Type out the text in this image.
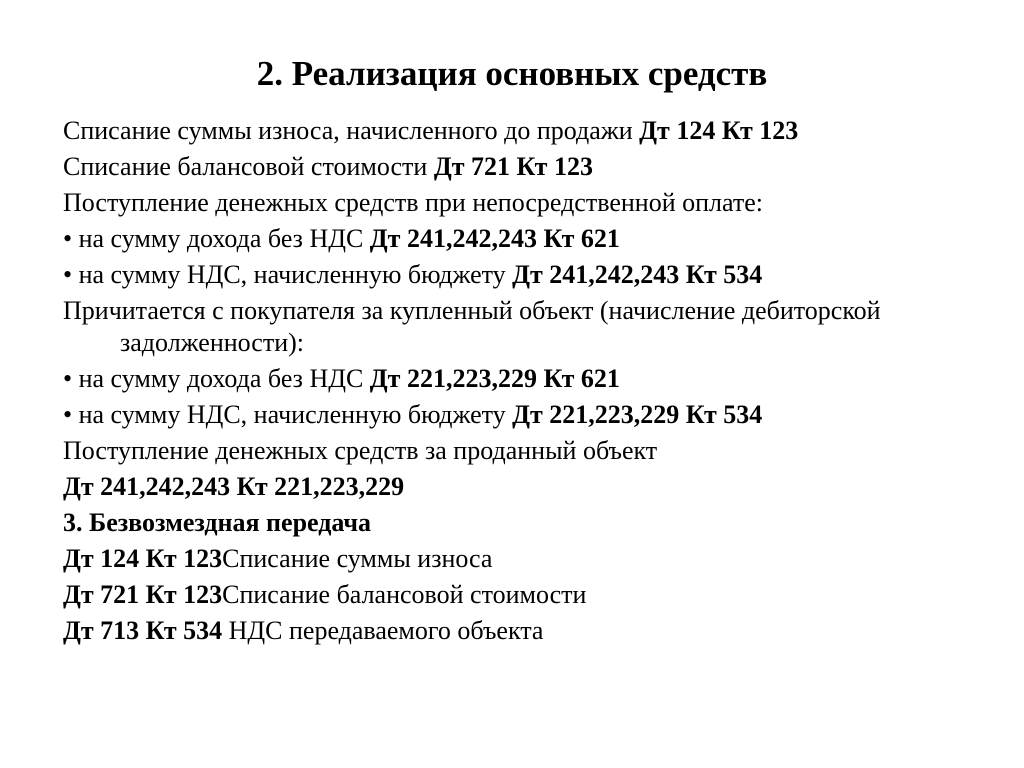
2. Реализация основных средств
Списание суммы износа, начисленного до продажи Дт 124 Кт 123
Списание балансовой стоимости Дт 721 Кт 123
Поступление денежных средств при непосредственной оплате:
• на сумму дохода без НДС Дт 241,242,243 Кт 621
• на сумму НДС, начисленную бюджету Дт 241,242,243 Кт 534
Причитается с покупателя за купленный объект (начисление дебиторской задолженности):
• на сумму дохода без НДС Дт 221,223,229 Кт 621
• на сумму НДС, начисленную бюджету Дт 221,223,229 Кт 534
Поступление денежных средств за проданный объект
Дт 241,242,243 Кт 221,223,229
3. Безвозмездная передача
Дт 124 Кт 123Списание суммы износа
Дт 721 Кт 123Списание балансовой стоимости
Дт 713 Кт 534 НДС передаваемого объекта
